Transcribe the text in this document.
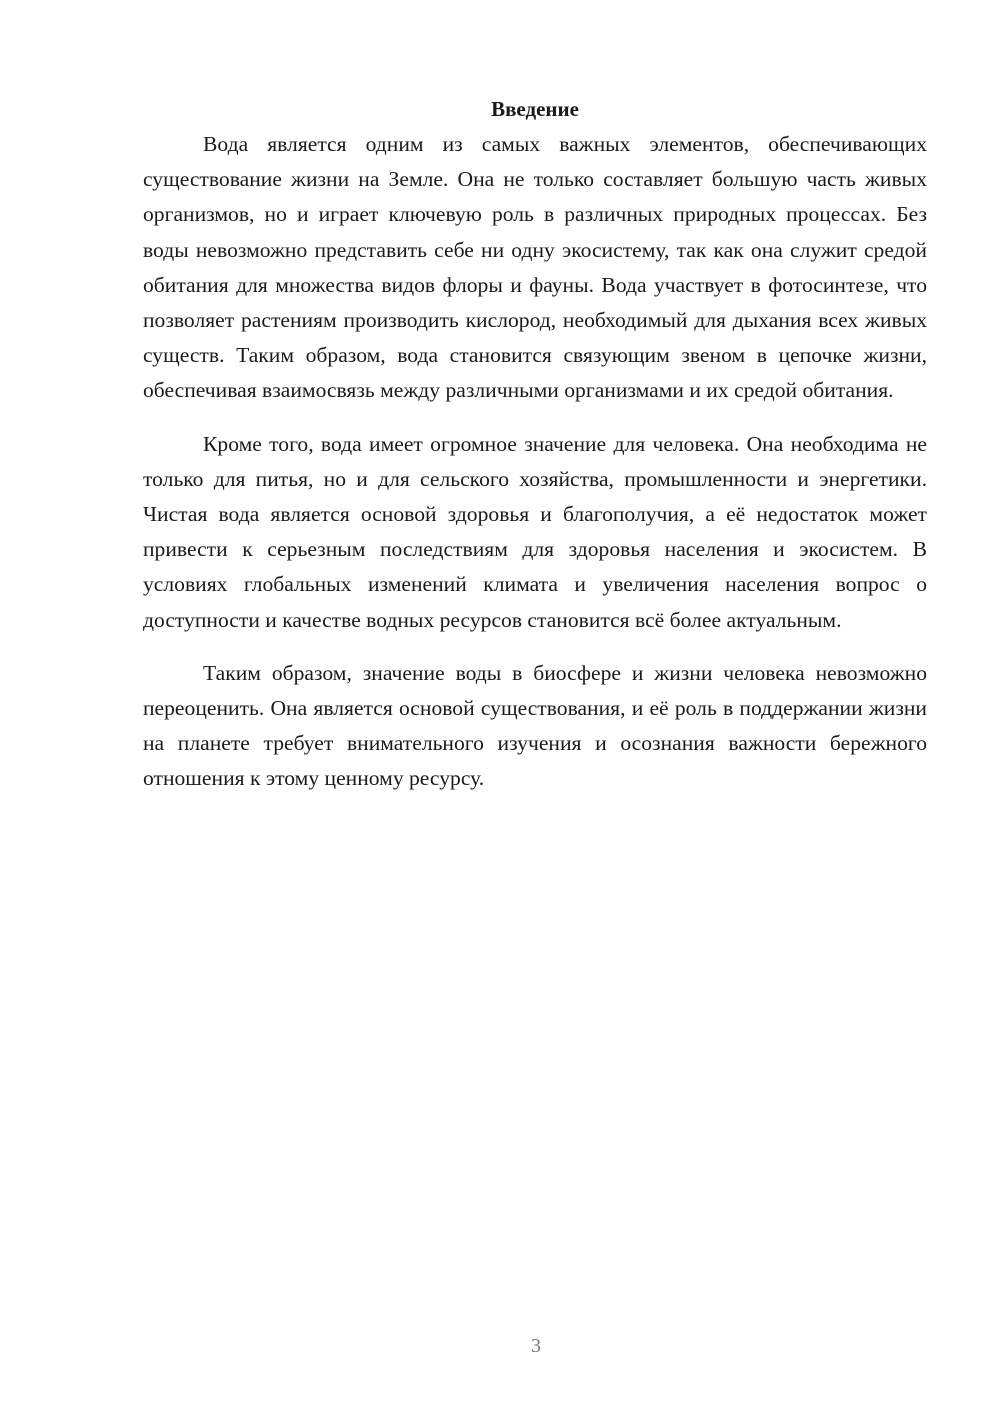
Введение

Вода является одним из самых важных элементов, обеспечивающих существование жизни на Земле. Она не только составляет большую часть живых организмов, но и играет ключевую роль в различных природных процессах. Без воды невозможно представить себе ни одну экосистему, так как она служит средой обитания для множества видов флоры и фауны. Вода участвует в фотосинтезе, что позволяет растениям производить кислород, необходимый для дыхания всех живых существ. Таким образом, вода становится связующим звеном в цепочке жизни, обеспечивая взаимосвязь между различными организмами и их средой обитания.

Кроме того, вода имеет огромное значение для человека. Она необходима не только для питья, но и для сельского хозяйства, промышленности и энергетики. Чистая вода является основой здоровья и благополучия, а её недостаток может привести к серьезным последствиям для здоровья населения и экосистем. В условиях глобальных изменений климата и увеличения населения вопрос о доступности и качестве водных ресурсов становится всё более актуальным.

Таким образом, значение воды в биосфере и жизни человека невозможно переоценить. Она является основой существования, и её роль в поддержании жизни на планете требует внимательного изучения и осознания важности бережного отношения к этому ценному ресурсу.

3
